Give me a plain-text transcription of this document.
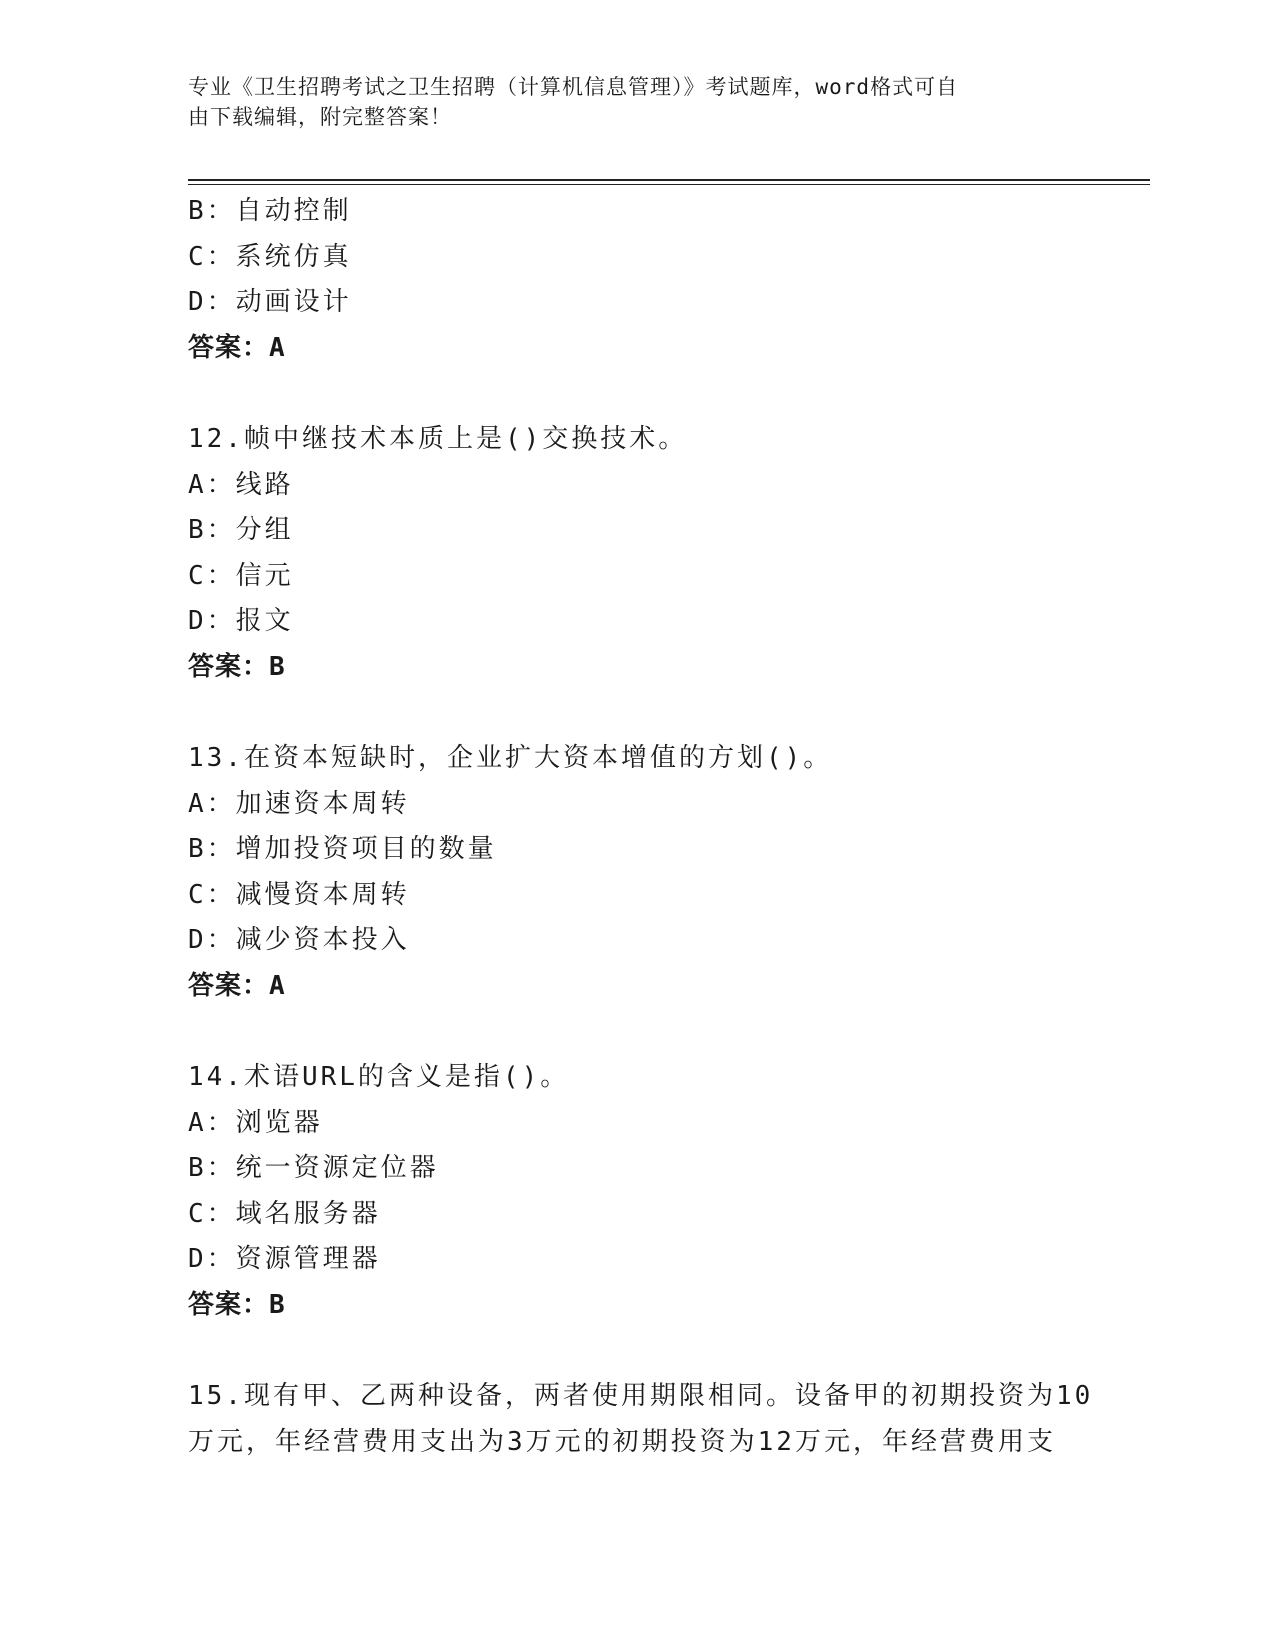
专业《卫生招聘考试之卫生招聘（计算机信息管理）》考试题库，word格式可自
由下载编辑，附完整答案！
B：自动控制
C：系统仿真
D：动画设计
答案：A
12.帧中继技术本质上是()交换技术。
A：线路
B：分组
C：信元
D：报文
答案：B
13.在资本短缺时，企业扩大资本增值的方划()。
A：加速资本周转
B：增加投资项目的数量
C：减慢资本周转
D：减少资本投入
答案：A
14.术语URL的含义是指()。
A：浏览器
B：统一资源定位器
C：域名服务器
D：资源管理器
答案：B
15.现有甲、乙两种设备，两者使用期限相同。设备甲的初期投资为10
万元，年经营费用支出为3万元的初期投资为12万元，年经营费用支
